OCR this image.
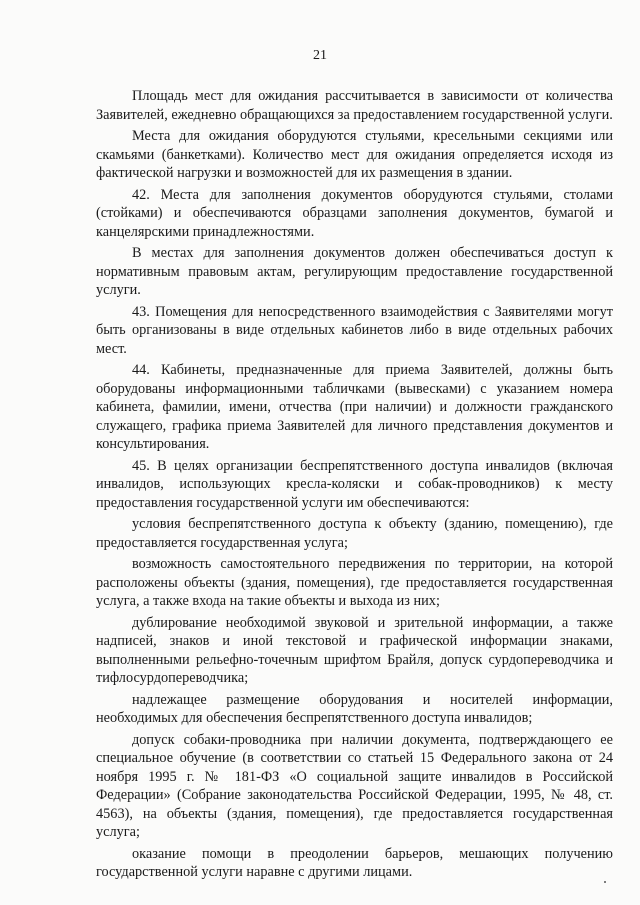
21

Площадь мест для ожидания рассчитывается в зависимости от количества Заявителей, ежедневно обращающихся за предоставлением государственной услуги.

Места для ожидания оборудуются стульями, кресельными секциями или скамьями (банкетками). Количество мест для ожидания определяется исходя из фактической нагрузки и возможностей для их размещения в здании.

42. Места для заполнения документов оборудуются стульями, столами (стойками) и обеспечиваются образцами заполнения документов, бумагой и канцелярскими принадлежностями.

В местах для заполнения документов должен обеспечиваться доступ к нормативным правовым актам, регулирующим предоставление государственной услуги.

43. Помещения для непосредственного взаимодействия с Заявителями могут быть организованы в виде отдельных кабинетов либо в виде отдельных рабочих мест.

44. Кабинеты, предназначенные для приема Заявителей, должны быть оборудованы информационными табличками (вывесками) с указанием номера кабинета, фамилии, имени, отчества (при наличии) и должности гражданского служащего, графика приема Заявителей для личного представления документов и консультирования.

45. В целях организации беспрепятственного доступа инвалидов (включая инвалидов, использующих кресла-коляски и собак-проводников) к месту предоставления государственной услуги им обеспечиваются:

условия беспрепятственного доступа к объекту (зданию, помещению), где предоставляется государственная услуга;

возможность самостоятельного передвижения по территории, на которой расположены объекты (здания, помещения), где предоставляется государственная услуга, а также входа на такие объекты и выхода из них;

дублирование необходимой звуковой и зрительной информации, а также надписей, знаков и иной текстовой и графической информации знаками, выполненными рельефно-точечным шрифтом Брайля, допуск сурдопереводчика и тифлосурдопереводчика;

надлежащее размещение оборудования и носителей информации, необходимых для обеспечения беспрепятственного доступа инвалидов;

допуск собаки-проводника при наличии документа, подтверждающего ее специальное обучение (в соответствии со статьей 15 Федерального закона от 24 ноября 1995 г. № 181-ФЗ «О социальной защите инвалидов в Российской Федерации» (Собрание законодательства Российской Федерации, 1995, № 48, ст. 4563), на объекты (здания, помещения), где предоставляется государственная услуга;

оказание помощи в преодолении барьеров, мешающих получению государственной услуги наравне с другими лицами.
